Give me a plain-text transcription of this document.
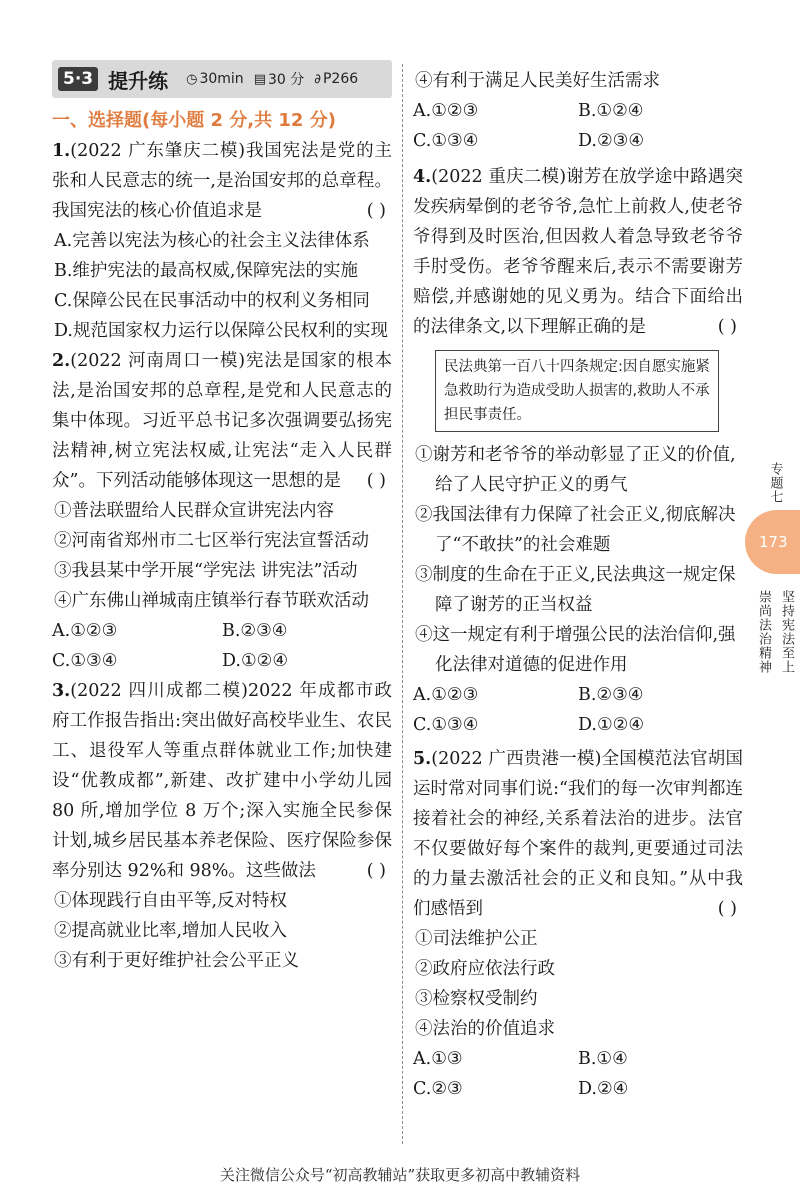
5·3 提升练 ◷ 30min ▤ 30 分 ∂ P266
一、选择题(每小题 2 分,共 12 分)
1.(2022 广东肇庆二模)我国宪法是党的主张和人民意志的统一,是治国安邦的总章程。我国宪法的核心价值追求是	( )
A.完善以宪法为核心的社会主义法律体系
B.维护宪法的最高权威,保障宪法的实施
C.保障公民在民事活动中的权利义务相同
D.规范国家权力运行以保障公民权利的实现
2.(2022 河南周口一模)宪法是国家的根本法,是治国安邦的总章程,是党和人民意志的集中体现。习近平总书记多次强调要弘扬宪法精神,树立宪法权威,让宪法“走入人民群众”。下列活动能够体现这一思想的是 ( )
①普法联盟给人民群众宣讲宪法内容
②河南省郑州市二七区举行宪法宣誓活动
③我县某中学开展“学宪法 讲宪法”活动
④广东佛山禅城南庄镇举行春节联欢活动
A.①②③	B.②③④
C.①③④	D.①②④
3.(2022 四川成都二模)2022 年成都市政府工作报告指出:突出做好高校毕业生、农民工、退役军人等重点群体就业工作;加快建设“优教成都”,新建、改扩建中小学幼儿园 80 所,增加学位 8 万个;深入实施全民参保计划,城乡居民基本养老保险、医疗保险参保率分别达 92%和 98%。这些做法	( )
①体现践行自由平等,反对特权
②提高就业比率,增加人民收入
③有利于更好维护社会公平正义
④有利于满足人民美好生活需求
A.①②③	B.①②④
C.①③④	D.②③④
4.(2022 重庆二模)谢芳在放学途中路遇突发疾病晕倒的老爷爷,急忙上前救人,使老爷爷得到及时医治,但因救人着急导致老爷爷手肘受伤。老爷爷醒来后,表示不需要谢芳赔偿,并感谢她的见义勇为。结合下面给出的法律条文,以下理解正确的是	( )
民法典第一百八十四条规定:因自愿实施紧急救助行为造成受助人损害的,救助人不承担民事责任。
①谢芳和老爷爷的举动彰显了正义的价值,给了人民守护正义的勇气
②我国法律有力保障了社会正义,彻底解决了“不敢扶”的社会难题
③制度的生命在于正义,民法典这一规定保障了谢芳的正当权益
④这一规定有利于增强公民的法治信仰,强化法律对道德的促进作用
A.①②③	B.②③④
C.①③④	D.①②④
5.(2022 广西贵港一模)全国模范法官胡国运时常对同事们说:“我们的每一次审判都连接着社会的神经,关系着法治的进步。法官不仅要做好每个案件的裁判,更要通过司法的力量去激活社会的正义和良知。”从中我们感悟到	( )
①司法维护公正
②政府应依法行政
③检察权受制约
④法治的价值追求
A.①③	B.①④
C.②③	D.②④
专题七
173
坚持宪法至上
崇尚法治精神
关注微信公众号“初高教辅站”获取更多初高中教辅资料
